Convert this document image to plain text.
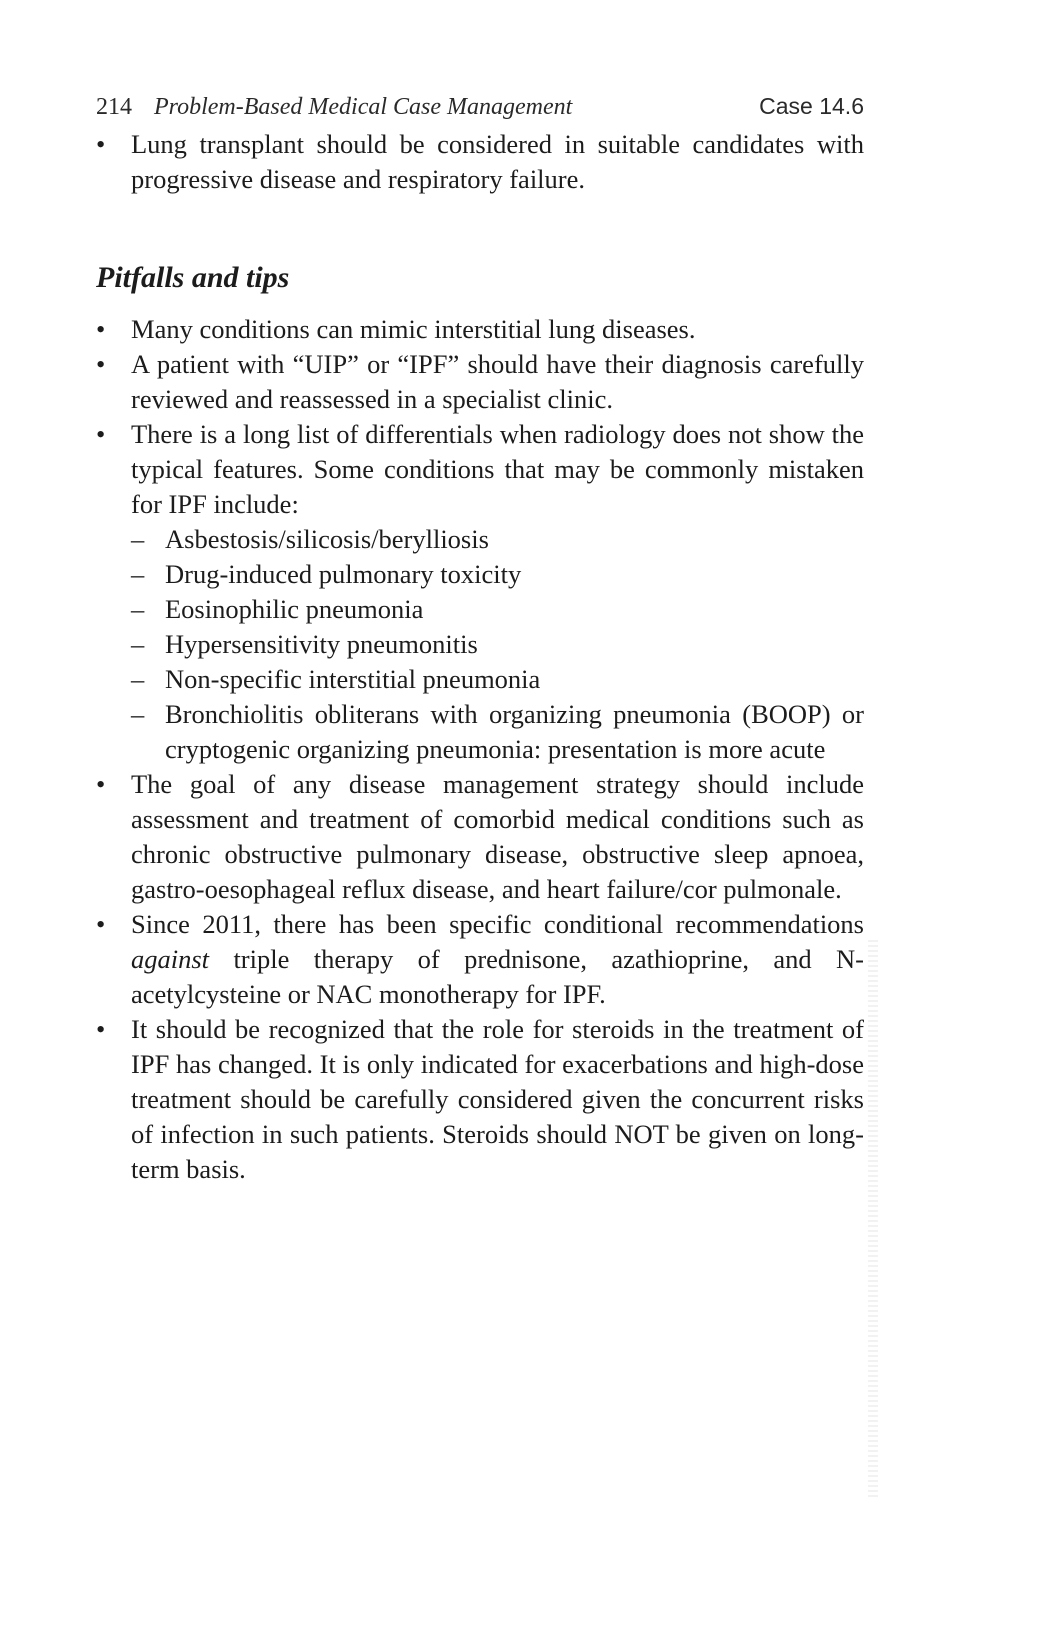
214 Problem-Based Medical Case Management	Case 14.6
• Lung transplant should be considered in suitable candidates with progressive disease and respiratory failure.
Pitfalls and tips
• Many conditions can mimic interstitial lung diseases.
• A patient with “UIP” or “IPF” should have their diagnosis carefully reviewed and reassessed in a specialist clinic.
• There is a long list of differentials when radiology does not show the typical features. Some conditions that may be commonly mistaken for IPF include:
– Asbestosis/silicosis/berylliosis
– Drug-induced pulmonary toxicity
– Eosinophilic pneumonia
– Hypersensitivity pneumonitis
– Non-specific interstitial pneumonia
– Bronchiolitis obliterans with organizing pneumonia (BOOP) or cryptogenic organizing pneumonia: presentation is more acute
• The goal of any disease management strategy should include assessment and treatment of comorbid medical conditions such as chronic obstructive pulmonary disease, obstructive sleep apnoea, gastro-oesophageal reflux disease, and heart failure/cor pulmonale.
• Since 2011, there has been specific conditional recommendations against triple therapy of prednisone, azathioprine, and N-acetylcysteine or NAC monotherapy for IPF.
• It should be recognized that the role for steroids in the treatment of IPF has changed. It is only indicated for exacerbations and high-dose treatment should be carefully considered given the concurrent risks of infection in such patients. Steroids should NOT be given on long-term basis.
